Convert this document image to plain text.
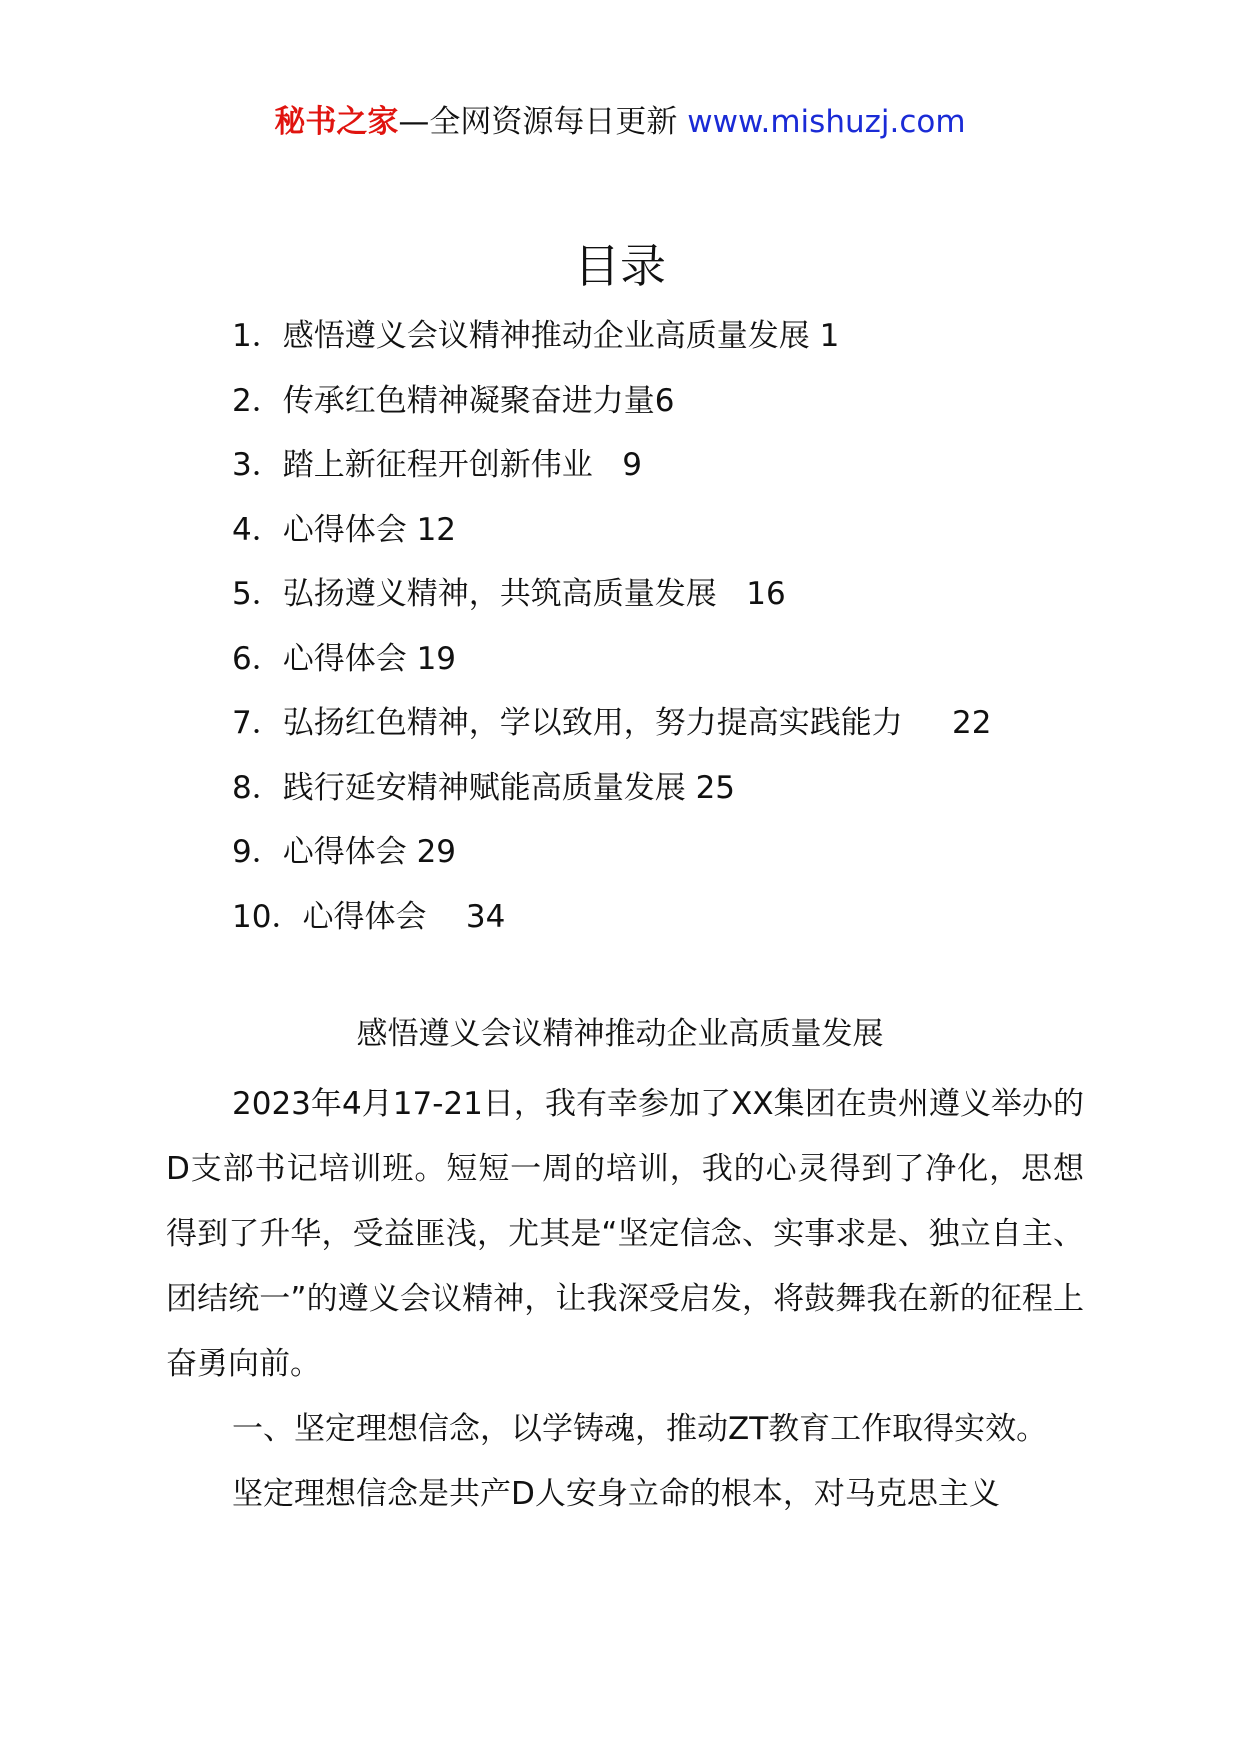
秘书之家—全网资源每日更新 www.mishuzj.com
目录
1．感悟遵义会议精神推动企业高质量发展 1
2．传承红色精神凝聚奋进力量6
3．踏上新征程开创新伟业   9
4．心得体会 12
5．弘扬遵义精神，共筑高质量发展   16
6．心得体会 19
7．弘扬红色精神，学以致用，努力提高实践能力     22
8．践行延安精神赋能高质量发展 25
9．心得体会 29
10．心得体会    34
感悟遵义会议精神推动企业高质量发展

2023年4月17-21日，我有幸参加了XX集团在贵州遵义举办的D支部书记培训班。短短一周的培训，我的心灵得到了净化，思想得到了升华，受益匪浅，尤其是“坚定信念、实事求是、独立自主、团结统一”的遵义会议精神，让我深受启发，将鼓舞我在新的征程上奋勇向前。

一、坚定理想信念，以学铸魂，推动ZT教育工作取得实效。

坚定理想信念是共产D人安身立命的根本，对马克思主义
